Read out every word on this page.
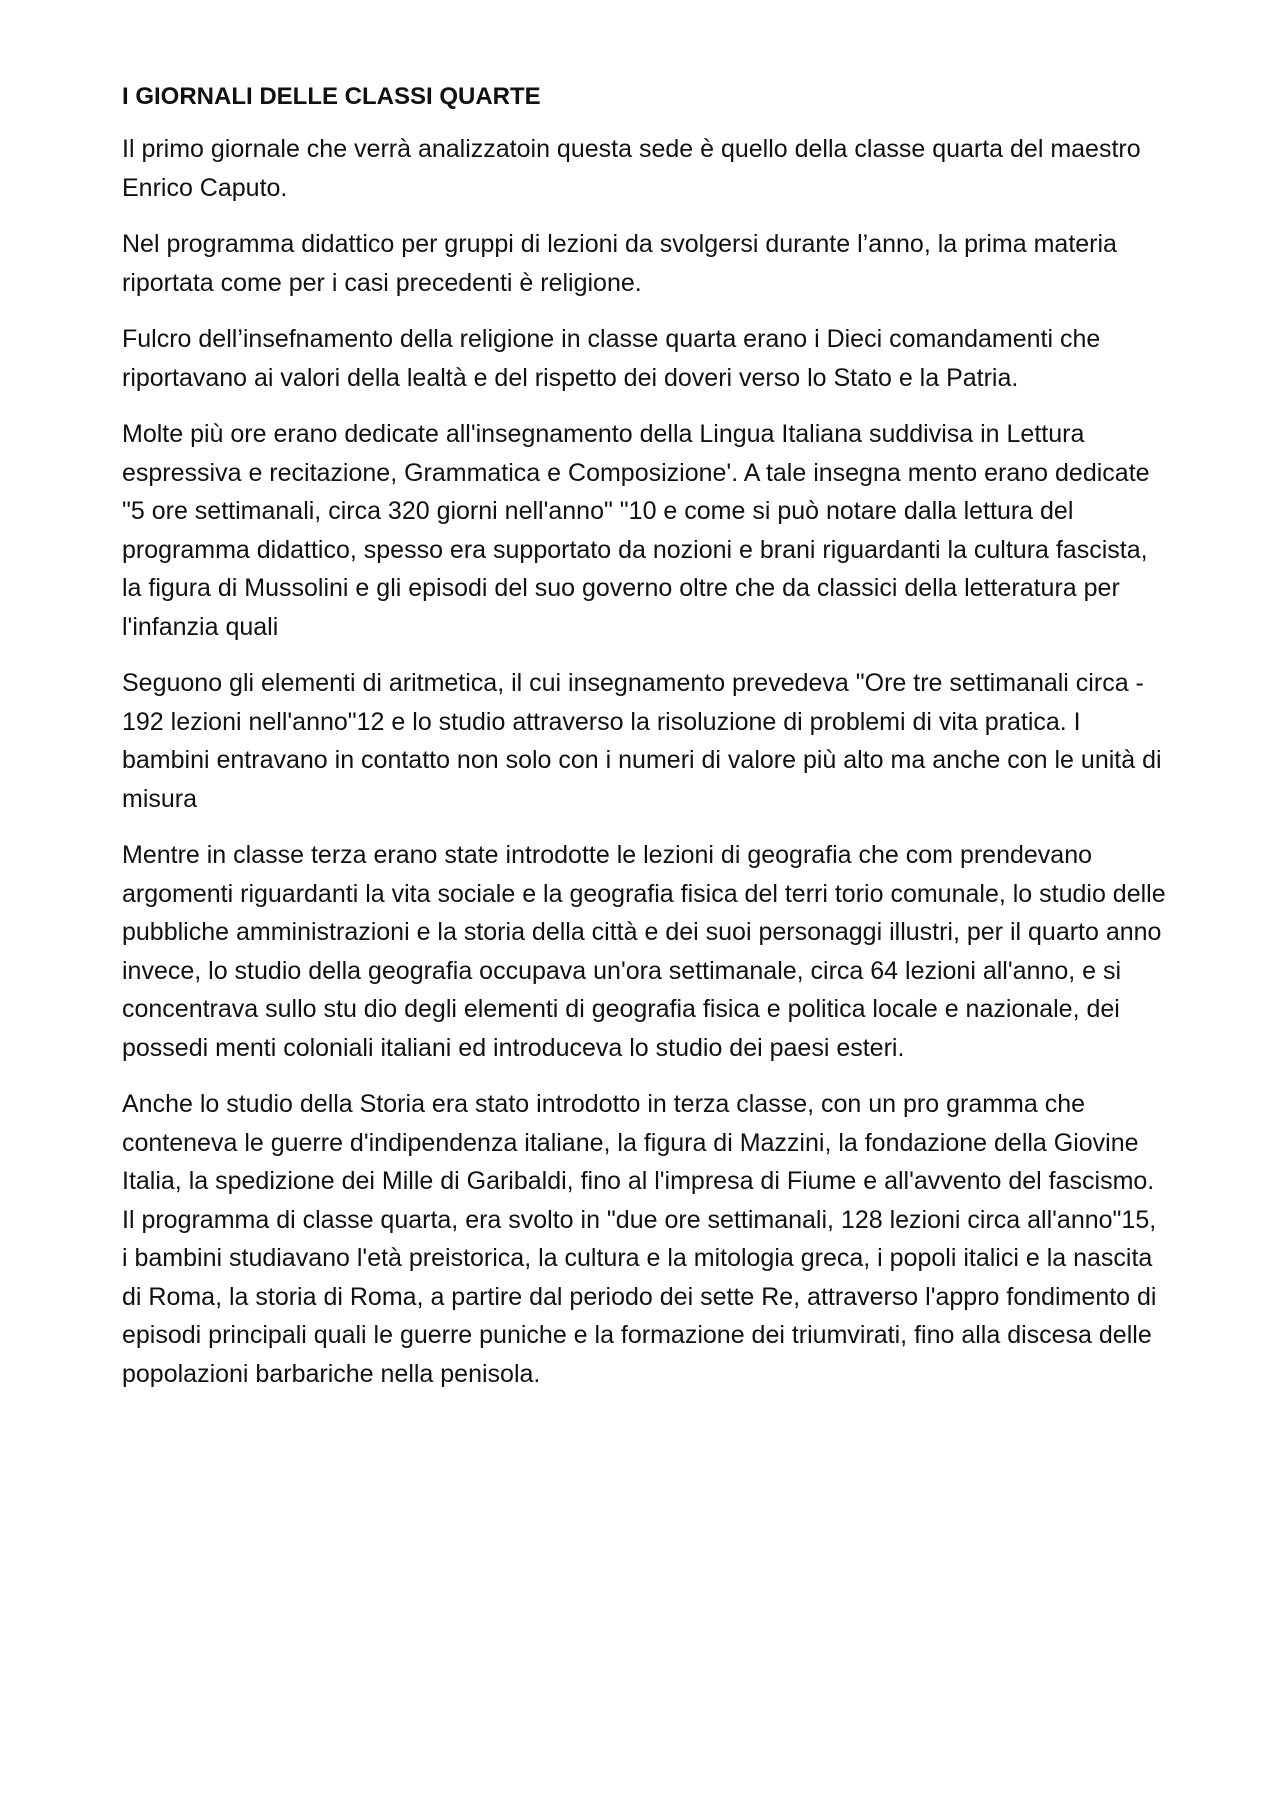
I GIORNALI DELLE CLASSI QUARTE

Il primo giornale che verrà analizzatoin questa sede è quello della classe quarta del maestro Enrico Caputo.

Nel programma didattico per gruppi di lezioni da svolgersi durante l’anno, la prima materia riportata come per i casi precedenti è religione.

Fulcro dell’insefnamento della religione in classe quarta erano i Dieci comandamenti che riportavano ai valori della lealtà e del rispetto dei doveri verso lo Stato e la Patria.

Molte più ore erano dedicate all'insegnamento della Lingua Italiana suddivisa in Lettura espressiva e recitazione, Grammatica e Composizione'. A tale insegna mento erano dedicate "5 ore settimanali, circa 320 giorni nell'anno" "10 e come si può notare dalla lettura del programma didattico, spesso era supportato da nozioni e brani riguardanti la cultura fascista, la figura di Mussolini e gli episodi del suo governo oltre che da classici della letteratura per l'infanzia quali

Seguono gli elementi di aritmetica, il cui insegnamento prevedeva "Ore tre settimanali circa - 192 lezioni nell'anno"12 e lo studio attraverso la risoluzione di problemi di vita pratica. I bambini entravano in contatto non solo con i numeri di valore più alto ma anche con le unità di misura

Mentre in classe terza erano state introdotte le lezioni di geografia che com prendevano argomenti riguardanti la vita sociale e la geografia fisica del terri torio comunale, lo studio delle pubbliche amministrazioni e la storia della città e dei suoi personaggi illustri, per il quarto anno invece, lo studio della geografia occupava un'ora settimanale, circa 64 lezioni all'anno, e si concentrava sullo stu dio degli elementi di geografia fisica e politica locale e nazionale, dei possedi menti coloniali italiani ed introduceva lo studio dei paesi esteri.

Anche lo studio della Storia era stato introdotto in terza classe, con un pro gramma che conteneva le guerre d'indipendenza italiane, la figura di Mazzini, la fondazione della Giovine Italia, la spedizione dei Mille di Garibaldi, fino al l'impresa di Fiume e all'avvento del fascismo. Il programma di classe quarta, era svolto in "due ore settimanali, 128 lezioni circa all'anno"15, i bambini studiavano l'età preistorica, la cultura e la mitologia greca, i popoli italici e la nascita di Roma, la storia di Roma, a partire dal periodo dei sette Re, attraverso l'appro fondimento di episodi principali quali le guerre puniche e la formazione dei triumvirati, fino alla discesa delle popolazioni barbariche nella penisola.
